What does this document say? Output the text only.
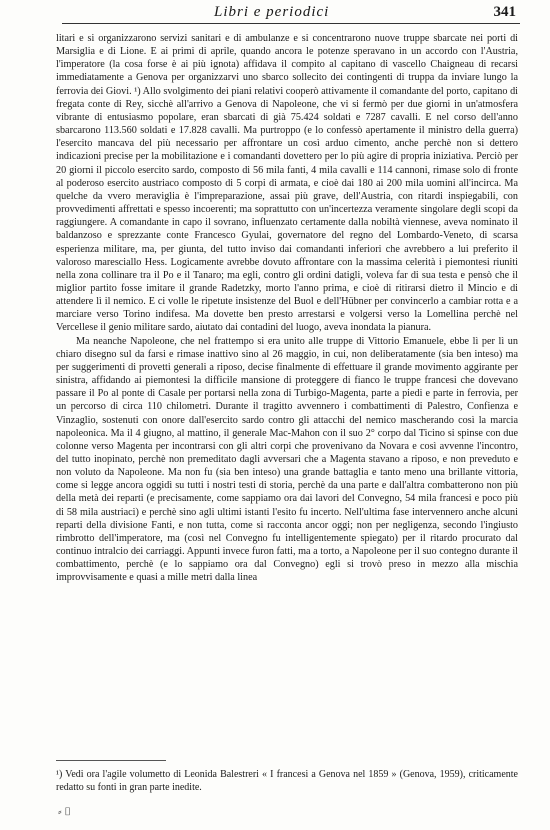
Libri e periodici	341

litari e si organizzarono servizi sanitari e di ambulanze e si concentrarono nuove truppe sbarcate nei porti di Marsiglia e di Lione. E ai primi di aprile, quando ancora le potenze speravano in un accordo con l'Austria, l'imperatore (la cosa forse è ai più ignota) affidava il compito al capitano di vascello Chaigneau di recarsi immediatamente a Genova per organizzarvi uno sbarco sollecito dei contingenti di truppa da inviare lungo la ferrovia dei Giovi. ¹) Allo svolgimento dei piani relativi cooperò attivamente il comandante del porto, capitano di fregata conte di Rey, sicchè all'arrivo a Genova di Napoleone, che vi si fermò per due giorni in un'atmosfera vibrante di entusiasmo popolare, eran sbarcati di già 75.424 soldati e 7287 cavalli. E nel corso dell'anno sbarcarono 113.560 soldati e 17.828 cavalli. Ma purtroppo (e lo confessò apertamente il ministro della guerra) l'esercito mancava del più necessario per affrontare un così arduo cimento, anche perchè non si dettero indicazioni precise per la mobilitazione e i comandanti dovettero per lo più agire di propria iniziativa. Perciò per 20 giorni il piccolo esercito sardo, composto di 56 mila fanti, 4 mila cavalli e 114 cannoni, rimase solo di fronte al poderoso esercito austriaco composto di 5 corpi di armata, e cioè dai 180 ai 200 mila uomini all'incirca. Ma quelche da vvero meraviglia è l'impreparazione, assai più grave, dell'Austria, con ritardi inspiegabili, con provvedimenti affrettati e spesso incoerenti; ma soprattutto con un'incertezza veramente singolare degli scopi da raggiungere. A comandante in capo il sovrano, influenzato certamente dalla nobiltà viennese, aveva nominato il baldanzoso e sprezzante conte Francesco Gyulai, governatore del regno del Lombardo-Veneto, di scarsa esperienza militare, ma, per giunta, del tutto inviso dai comandanti inferiori che avrebbero a lui preferito il valoroso maresciallo Hess. Logicamente avrebbe dovuto affrontare con la massima celerità i piemontesi riuniti nella zona collinare tra il Po e il Tanaro; ma egli, contro gli ordini datigli, voleva far di sua testa e pensò che il miglior partito fosse imitare il grande Radetzky, morto l'anno prima, e cioè di ritirarsi dietro il Mincio e di attendere lì il nemico. E ci volle le ripetute insistenze del Buol e dell'Hübner per convincerlo a cambiar rotta e a marciare verso Torino indifesa. Ma dovette ben presto arrestarsi e volgersi verso la Lomellina perchè nel Vercellese il genio militare sardo, aiutato dai contadini del luogo, aveva inondata la pianura.

Ma neanche Napoleone, che nel frattempo si era unito alle truppe di Vittorio Emanuele, ebbe lì per lì un chiaro disegno sul da farsi e rimase inattivo sino al 26 maggio, in cui, non deliberatamente (sia ben inteso) ma per suggerimenti di provetti generali a riposo, decise finalmente di effettuare il grande movimento aggirante per sinistra, affidando ai piemontesi la difficile mansione di proteggere di fianco le truppe francesi che dovevano passare il Po al ponte di Casale per portarsi nella zona di Turbigo-Magenta, parte a piedi e parte in ferrovia, per un percorso di circa 110 chilometri. Durante il tragitto avvennero i combattimenti di Palestro, Confienza e Vinzaglio, sostenuti con onore dall'esercito sardo contro gli attacchi del nemico mascherando così la marcia napoleonica. Ma il 4 giugno, al mattino, il generale Mac-Mahon con il suo 2° corpo dal Ticino si spinse con due colonne verso Magenta per incontrarsi con gli altri corpi che provenivano da Novara e così avvenne l'incontro, del tutto inopinato, perchè non premeditato dagli avversari che a Magenta stavano a riposo, e non preveduto e non voluto da Napoleone. Ma non fu (sia ben inteso) una grande battaglia e tanto meno una brillante vittoria, come si legge ancora oggidì su tutti i nostri testi di storia, perchè da una parte e dall'altra combatterono non più della metà dei reparti (e precisamente, come sappiamo ora dai lavori del Convegno, 54 mila francesi e poco più di 58 mila austriaci) e perchè sino agli ultimi istanti l'esito fu incerto. Nell'ultima fase intervennero anche alcuni reparti della divisione Fanti, e non tutta, come si racconta ancor oggi; non per negligenza, secondo l'ingiusto rimbrotto dell'imperatore, ma (così nel Convegno fu intelligentemente spiegato) per il ritardo procurato dal continuo intralcio dei carriaggi. Appunti invece furon fatti, ma a torto, a Napoleone per il suo contegno durante il combattimento, perchè (e lo sappiamo ora dal Convegno) egli si trovò preso in mezzo alla mischia improvvisamente e quasi a mille metri dalla linea

¹) Vedi ora l'agile volumetto di Leonida Balestreri « I francesi a Genova nel 1859 » (Genova, 1959), criticamente redatto su fonti in gran parte inedite.
⸗ ⌷
